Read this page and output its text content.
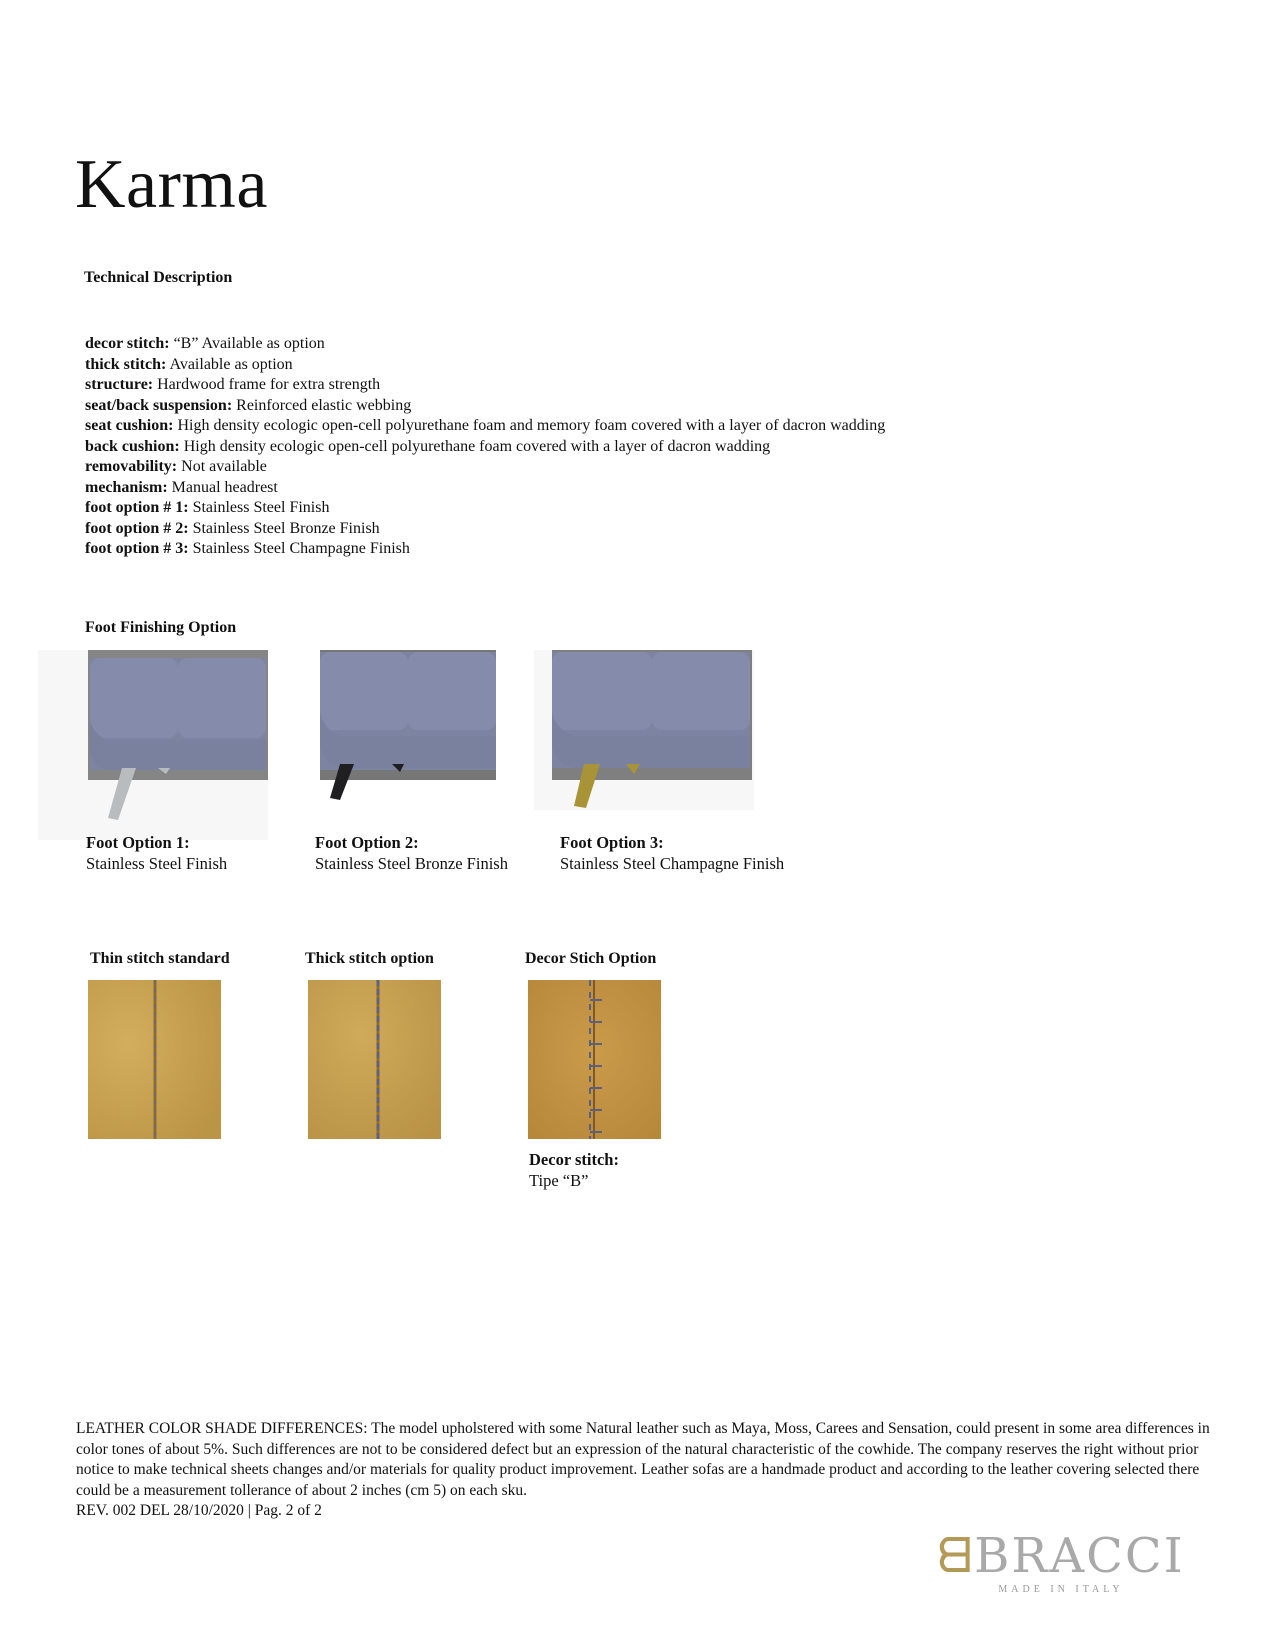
Karma
Technical Description
decor stitch: “B” Available as option
thick stitch: Available as option
structure: Hardwood frame for extra strength
seat/back suspension: Reinforced elastic webbing
seat cushion: High density ecologic open-cell polyurethane foam and memory foam covered with a layer of dacron wadding
back cushion: High density ecologic open-cell polyurethane foam covered with a layer of dacron wadding
removability: Not available
mechanism: Manual headrest
foot option # 1: Stainless Steel Finish
foot option # 2: Stainless Steel Bronze Finish
foot option # 3: Stainless Steel Champagne Finish
Foot Finishing Option
Foot Option 1:
Stainless Steel Finish
Foot Option 2:
Stainless Steel Bronze Finish
Foot Option 3:
Stainless Steel Champagne Finish
Thin stitch standard	Thick stitch option	Decor Stich Option
Decor stitch:
Tipe “B”
LEATHER COLOR SHADE DIFFERENCES: The model upholstered with some Natural leather such as Maya, Moss, Carees and Sensation, could present in some area differences in color tones of about 5%. Such differences are not to be considered defect but an expression of the natural characteristic of the cowhide. The company reserves the right without prior notice to make technical sheets changes and/or materials for quality product improvement. Leather sofas are a handmade product and according to the leather covering selected there could be a measurement tollerance of about 2 inches (cm 5) on each sku.
REV. 002 DEL 28/10/2020 | Pag. 2 of 2
ᗺBRACCI
MADE IN ITALY
